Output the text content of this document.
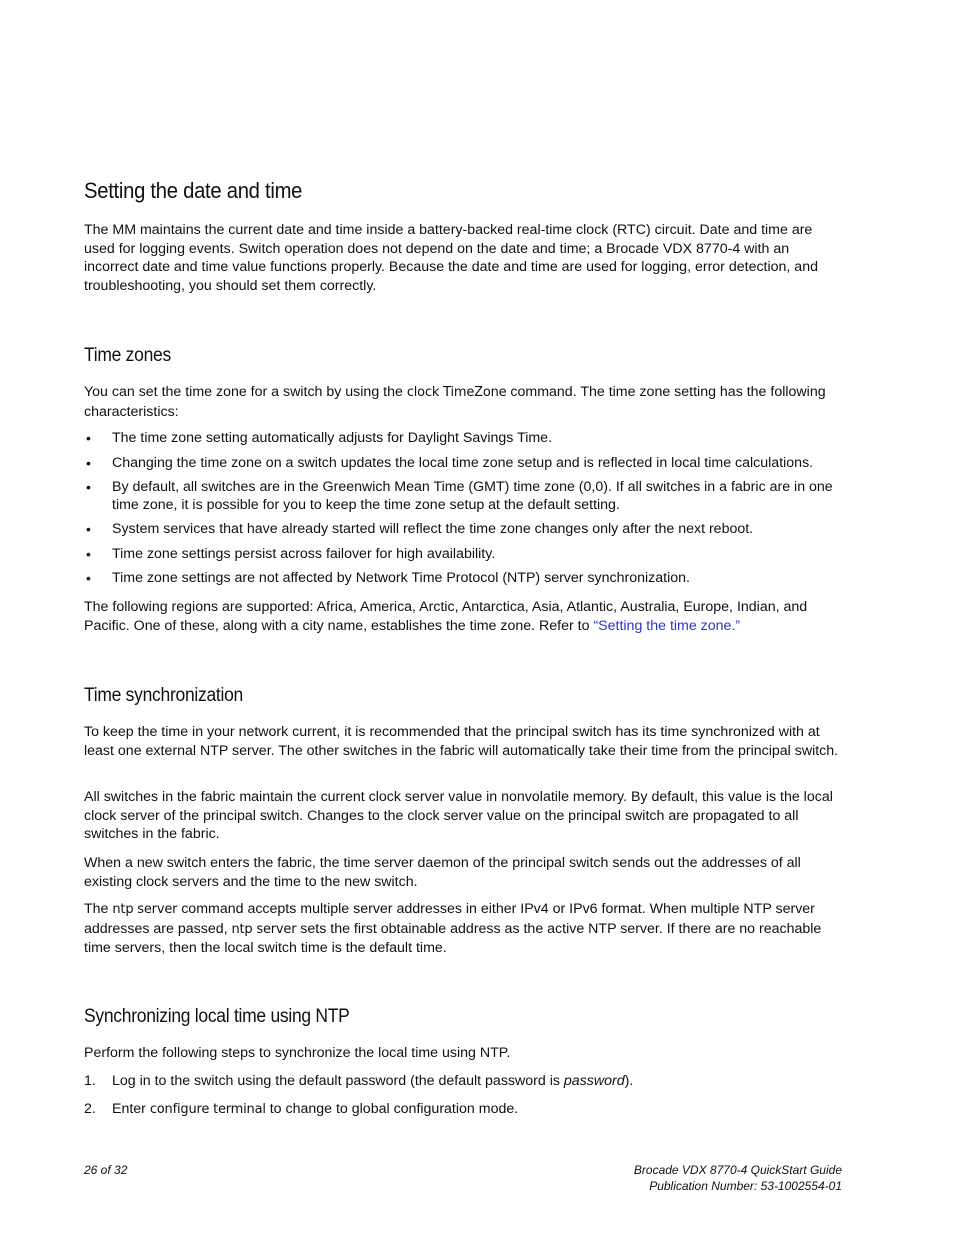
Setting the date and time

The MM maintains the current date and time inside a battery-backed real-time clock (RTC) circuit. Date and time are used for logging events. Switch operation does not depend on the date and time; a Brocade VDX 8770-4 with an incorrect date and time value functions properly. Because the date and time are used for logging, error detection, and troubleshooting, you should set them correctly.

Time zones

You can set the time zone for a switch by using the clock TimeZone command. The time zone setting has the following characteristics:

• The time zone setting automatically adjusts for Daylight Savings Time.
• Changing the time zone on a switch updates the local time zone setup and is reflected in local time calculations.
• By default, all switches are in the Greenwich Mean Time (GMT) time zone (0,0). If all switches in a fabric are in one time zone, it is possible for you to keep the time zone setup at the default setting.
• System services that have already started will reflect the time zone changes only after the next reboot.
• Time zone settings persist across failover for high availability.
• Time zone settings are not affected by Network Time Protocol (NTP) server synchronization.

The following regions are supported: Africa, America, Arctic, Antarctica, Asia, Atlantic, Australia, Europe, Indian, and Pacific. One of these, along with a city name, establishes the time zone. Refer to “Setting the time zone.”

Time synchronization

To keep the time in your network current, it is recommended that the principal switch has its time synchronized with at least one external NTP server. The other switches in the fabric will automatically take their time from the principal switch.

All switches in the fabric maintain the current clock server value in nonvolatile memory. By default, this value is the local clock server of the principal switch. Changes to the clock server value on the principal switch are propagated to all switches in the fabric.

When a new switch enters the fabric, the time server daemon of the principal switch sends out the addresses of all existing clock servers and the time to the new switch.

The ntp server command accepts multiple server addresses in either IPv4 or IPv6 format. When multiple NTP server addresses are passed, ntp server sets the first obtainable address as the active NTP server. If there are no reachable time servers, then the local switch time is the default time.

Synchronizing local time using NTP

Perform the following steps to synchronize the local time using NTP.

1. Log in to the switch using the default password (the default password is password).
2. Enter configure terminal to change to global configuration mode.
26 of 32	Brocade VDX 8770-4 QuickStart Guide
Publication Number: 53-1002554-01
